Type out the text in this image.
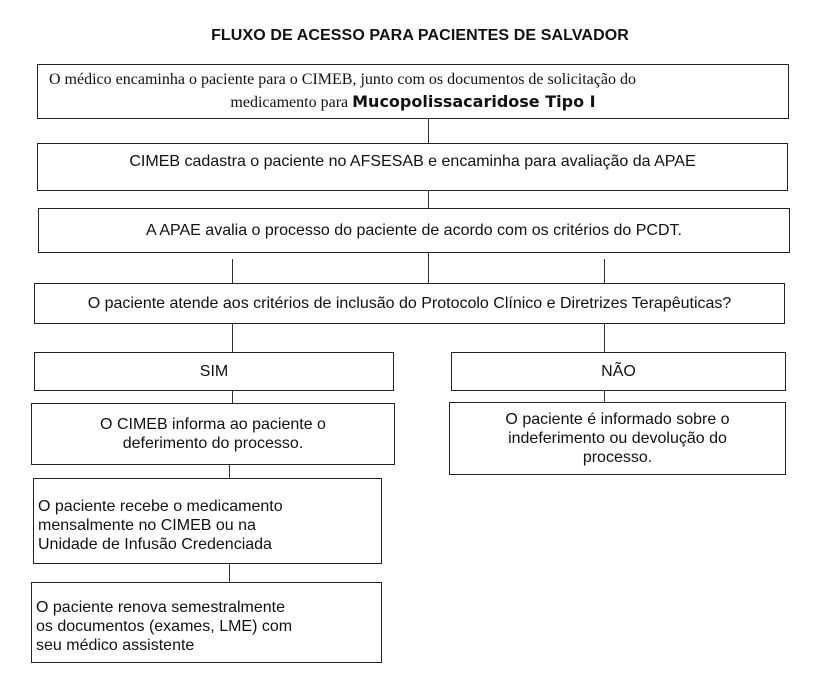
FLUXO DE ACESSO PARA PACIENTES DE SALVADOR
O médico encaminha o paciente para o CIMEB, junto com os documentos de solicitação do
medicamento para Mucopolissacaridose Tipo I
CIMEB cadastra o paciente no AFSESAB e encaminha para avaliação da APAE
A APAE avalia o processo do paciente de acordo com os critérios do PCDT.
O paciente atende aos critérios de inclusão do Protocolo Clínico e Diretrizes Terapêuticas?
SIM
O CIMEB informa ao paciente o
deferimento do processo.
O paciente recebe o medicamento
mensalmente no CIMEB ou na
Unidade de Infusão Credenciada
O paciente renova semestralmente
os documentos (exames, LME) com
seu médico assistente
NÃO
O paciente é informado sobre o
indeferimento ou devolução do
processo.
